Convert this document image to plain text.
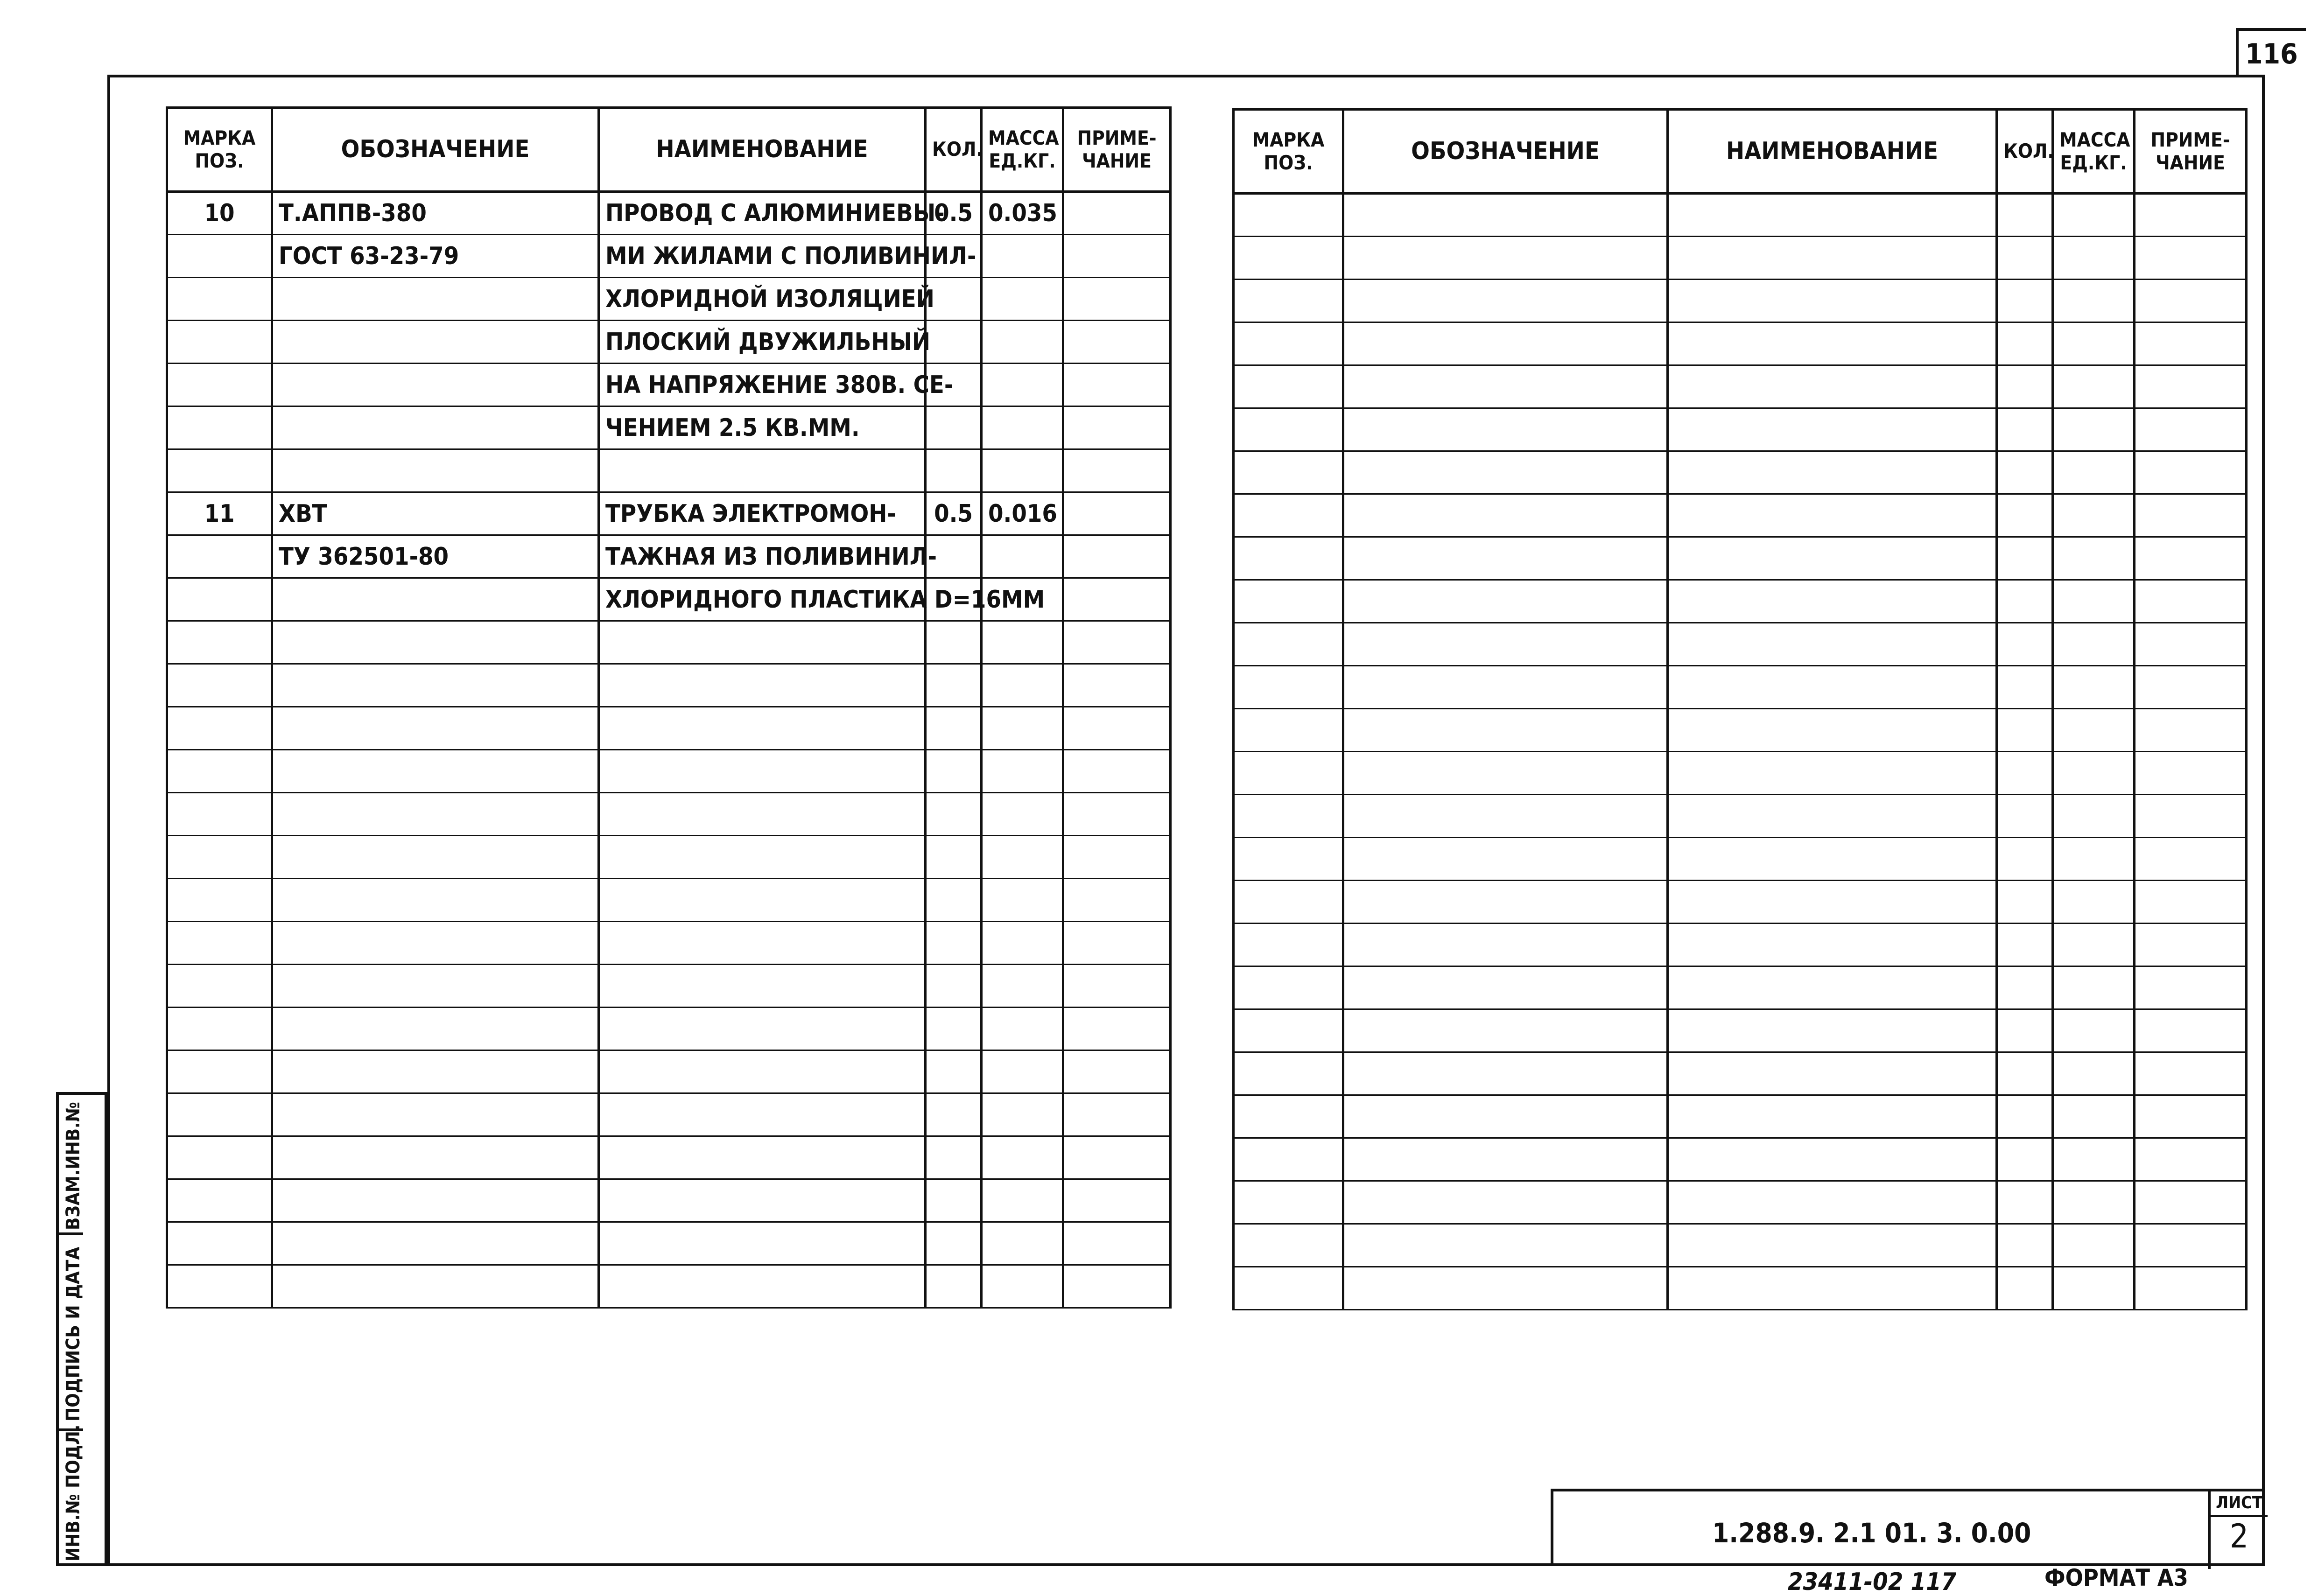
116
ВЗАМ.ИНВ.№
ПОДПИСЬ И ДАТА
ИНВ.№ ПОДЛ.
МАРКА ПОЗ.	ОБОЗНАЧЕНИЕ	НАИМЕНОВАНИЕ	КОЛ.	МАССА ЕД.КГ.	ПРИМЕ-ЧАНИЕ
10	Т.АППВ-380	ПРОВОД С АЛЮМИНИЕВЫ-	0.5	0.035	
	ГОСТ 63-23-79	МИ ЖИЛАМИ С ПОЛИВИНИЛ-			
		ХЛОРИДНОЙ ИЗОЛЯЦИЕЙ			
		ПЛОСКИЙ ДВУЖИЛЬНЫЙ			
		НА НАПРЯЖЕНИЕ 380В. СЕ-			
		ЧЕНИЕМ 2.5 КВ.ММ.			

11	ХВТ	ТРУБКА ЭЛЕКТРОМОН-	0.5	0.016	
	ТУ 362501-80	ТАЖНАЯ ИЗ ПОЛИВИНИЛ-			
		ХЛОРИДНОГО ПЛАСТИКА D=16ММ			

МАРКА ПОЗ.	ОБОЗНАЧЕНИЕ	НАИМЕНОВАНИЕ	КОЛ.	МАССА ЕД.КГ.	ПРИМЕ-ЧАНИЕ

1.288.9. 2.1 01. 3. 0.00
ЛИСТ
2
23411-02 117	ФОРМАТ А3
